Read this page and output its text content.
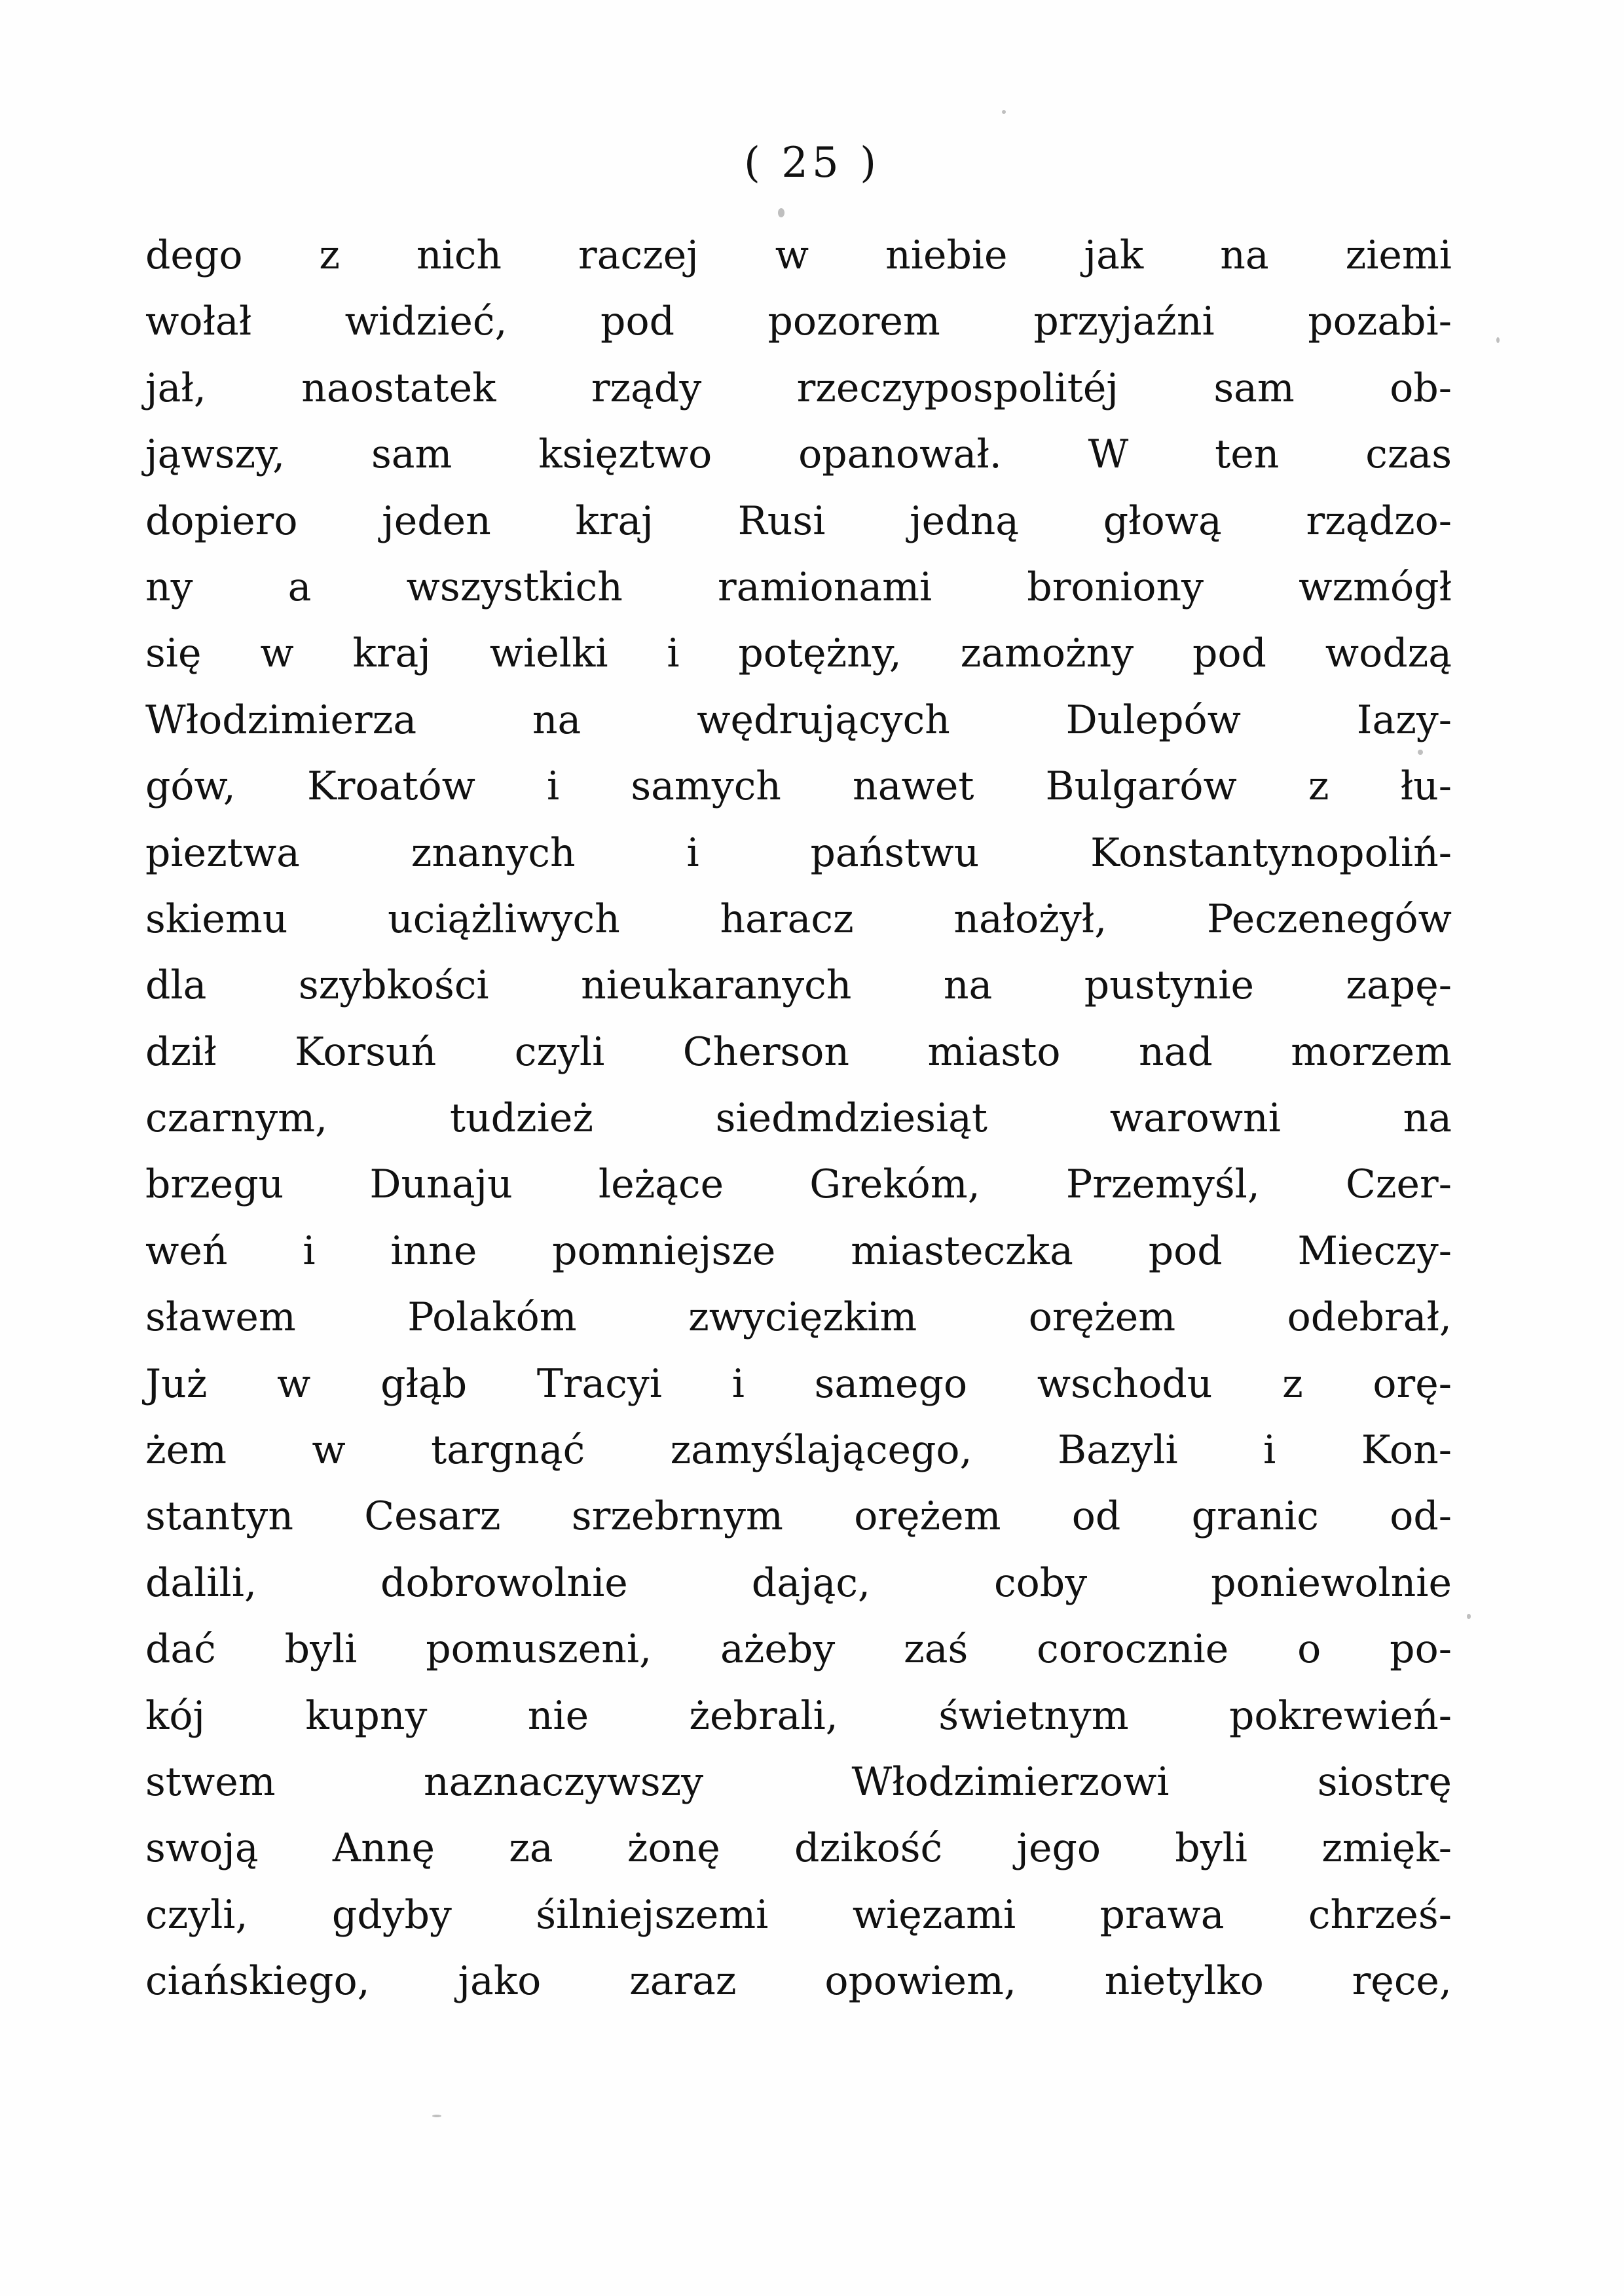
( 25 )
dego z nich raczej w niebie jak na ziemi
wołał widzieć, pod pozorem przyjaźni pozabi-
jał, naostatek rządy rzeczypospolitéj sam ob-
jąwszy, sam księztwo opanował. W ten czas
dopiero jeden kraj Rusi jedną głową rządzo-
ny a wszystkich ramionami broniony wzmógł
się w kraj wielki i potężny, zamożny pod wodzą
Włodzimierza na wędrujących Dulepów Iazy-
gów, Kroatów i samych nawet Bulgarów z łu-
pieztwa znanych i państwu Konstantynopoliń-
skiemu uciążliwych haracz nałożył, Peczenegów
dla szybkości nieukaranych na pustynie zapę-
dził Korsuń czyli Cherson miasto nad morzem
czarnym, tudzież siedmdziesiąt warowni na
brzegu Dunaju leżące Grekóm, Przemyśl, Czer-
weń i inne pomniejsze miasteczka pod Mieczy-
sławem Polakóm zwycięzkim orężem odebrał,
Już w głąb Tracyi i samego wschodu z orę-
żem w targnąć zamyślającego, Bazyli i Kon-
stantyn Cesarz srzebrnym orężem od granic od-
dalili, dobrowolnie dając, coby poniewolnie
dać byli pomuszeni, ażeby zaś corocznie o po-
kój kupny nie żebrali, świetnym pokrewień-
stwem naznaczywszy Włodzimierzowi siostrę
swoją Annę za żonę dzikość jego byli zmięk-
czyli, gdyby śilniejszemi więzami prawa chrześ-
ciańskiego, jako zaraz opowiem, nietylko ręce,
